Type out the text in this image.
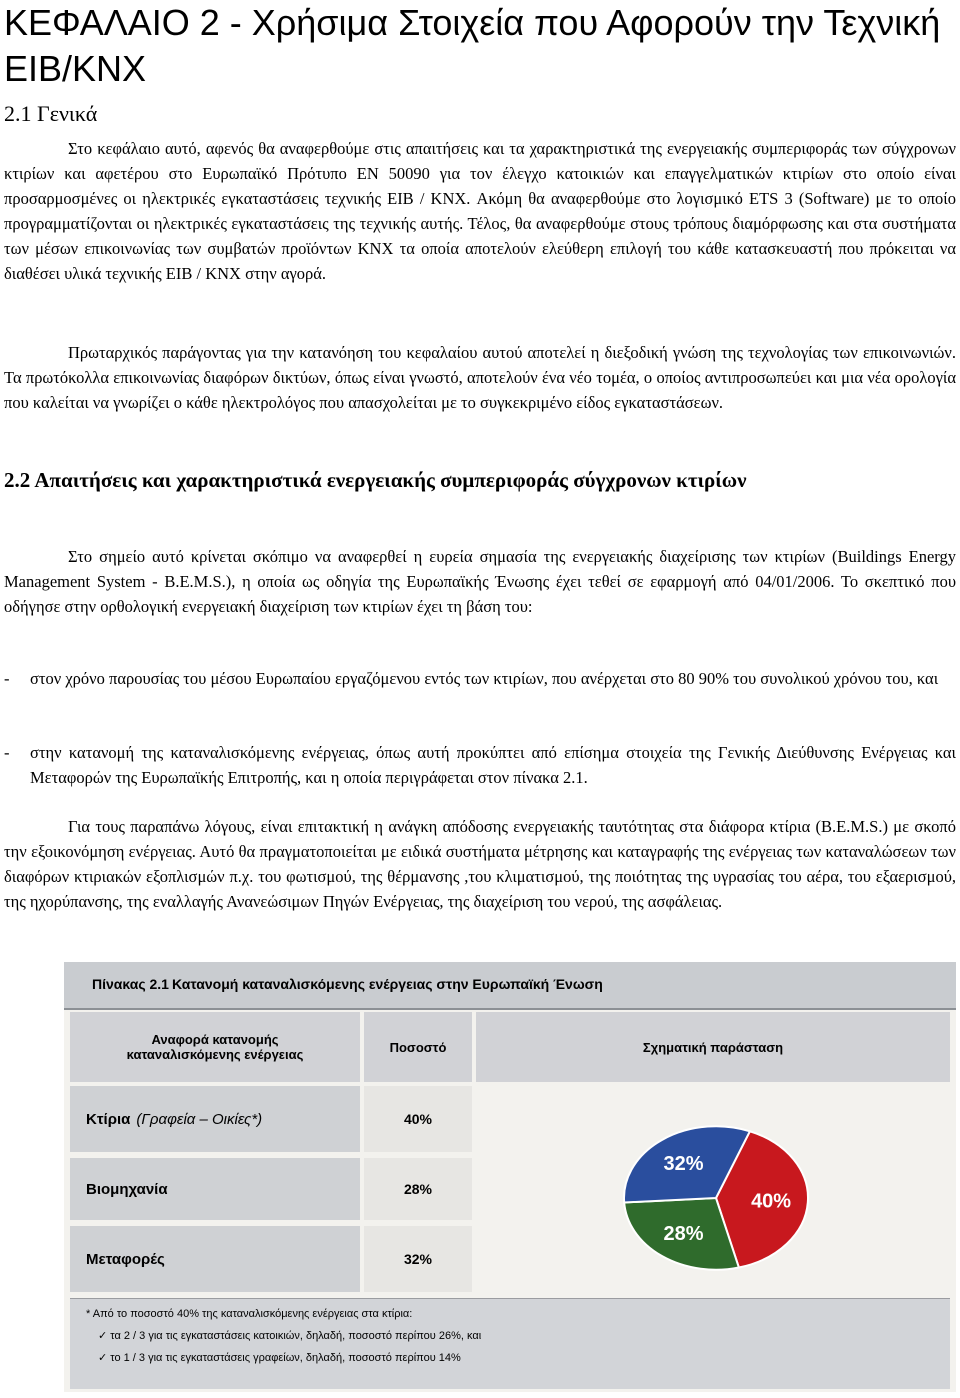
ΚΕΦΑΛΑΙΟ 2 - Χρήσιμα Στοιχεία που Αφορούν την Τεχνική ΕΙΒ/ΚΝΧ
2.1 Γενικά

Στο κεφάλαιο αυτό, αφενός θα αναφερθούμε στις απαιτήσεις και τα χαρακτηριστικά της ενεργειακής συμπεριφοράς των σύγχρονων κτιρίων και αφετέρου στο Ευρωπαϊκό Πρότυπο EN 50090 για τον έλεγχο κατοικιών και επαγγελματικών κτιρίων στο οποίο είναι προσαρμοσμένες οι ηλεκτρικές εγκαταστάσεις τεχνικής EIB / KNX. Ακόμη θα αναφερθούμε στο λογισμικό ETS 3 (Software) με το οποίο προγραμματίζονται οι ηλεκτρικές εγκαταστάσεις της τεχνικής αυτής. Τέλος, θα αναφερθούμε στους τρόπους διαμόρφωσης και στα συστήματα των μέσων επικοινωνίας των συμβατών προϊόντων KNX τα οποία αποτελούν ελεύθερη επιλογή του κάθε κατασκευαστή που πρόκειται να διαθέσει υλικά τεχνικής EIB / KNX στην αγορά.

Πρωταρχικός παράγοντας για την κατανόηση του κεφαλαίου αυτού αποτελεί η διεξοδική γνώση της τεχνολογίας των επικοινωνιών. Τα πρωτόκολλα επικοινωνίας διαφόρων δικτύων, όπως είναι γνωστό, αποτελούν ένα νέο τομέα, ο οποίος αντιπροσωπεύει και μια νέα ορολογία που καλείται να γνωρίζει ο κάθε ηλεκτρολόγος που απασχολείται με το συγκεκριμένο είδος εγκαταστάσεων.

2.2 Απαιτήσεις και χαρακτηριστικά ενεργειακής συμπεριφοράς σύγχρονων κτιρίων

Στο σημείο αυτό κρίνεται σκόπιμο να αναφερθεί η ευρεία σημασία της ενεργειακής διαχείρισης των κτιρίων (Buildings Energy Management System - B.E.M.S.), η οποία ως οδηγία της Ευρωπαϊκής Ένωσης έχει τεθεί σε εφαρμογή από 04/01/2006. Το σκεπτικό που οδήγησε στην ορθολογική ενεργειακή διαχείριση των κτιρίων έχει τη βάση του:

- στον χρόνο παρουσίας του μέσου Ευρωπαίου εργαζόμενου εντός των κτιρίων, που ανέρχεται στο 80 90% του συνολικού χρόνου του, και
- στην κατανομή της καταναλισκόμενης ενέργειας, όπως αυτή προκύπτει από επίσημα στοιχεία της Γενικής Διεύθυνσης Ενέργειας και Μεταφορών της Ευρωπαϊκής Επιτροπής, και η οποία περιγράφεται στον πίνακα 2.1.

Για τους παραπάνω λόγους, είναι επιτακτική η ανάγκη απόδοσης ενεργειακής ταυτότητας στα διάφορα κτίρια (B.E.M.S.) με σκοπό την εξοικονόμηση ενέργειας. Αυτό θα πραγματοποιείται με ειδικά συστήματα μέτρησης και καταγραφής της ενέργειας των καταναλώσεων των διαφόρων κτιριακών εξοπλισμών π.χ. του φωτισμού, της θέρμανσης ,του κλιματισμού, της ποιότητας της υγρασίας του αέρα, του εξαερισμού, της ηχορύπανσης, της εναλλαγής Ανανεώσιμων Πηγών Ενέργειας, της διαχείριση του νερού, της ασφάλειας.

Πίνακας 2.1 Κατανομή καταναλισκόμενης ενέργειας στην Ευρωπαϊκή Ένωση
Αναφορά κατανομής
καταναλισκόμενης ενέργειας	Ποσοστό	Σχηματική παράσταση
Κτίρια (Γραφεία – Οικίες*)	40%
Βιομηχανία	28%
Μεταφορές	32%
40%
28%
32%

* Από το ποσοστό 40% της καταναλισκόμενης ενέργειας στα κτίρια:

✓ τα 2 / 3 για τις εγκαταστάσεις κατοικιών, δηλαδή, ποσοστό περίπου 26%, και

✓ το 1 / 3 για τις εγκαταστάσεις γραφείων, δηλαδή, ποσοστό περίπου 14%
